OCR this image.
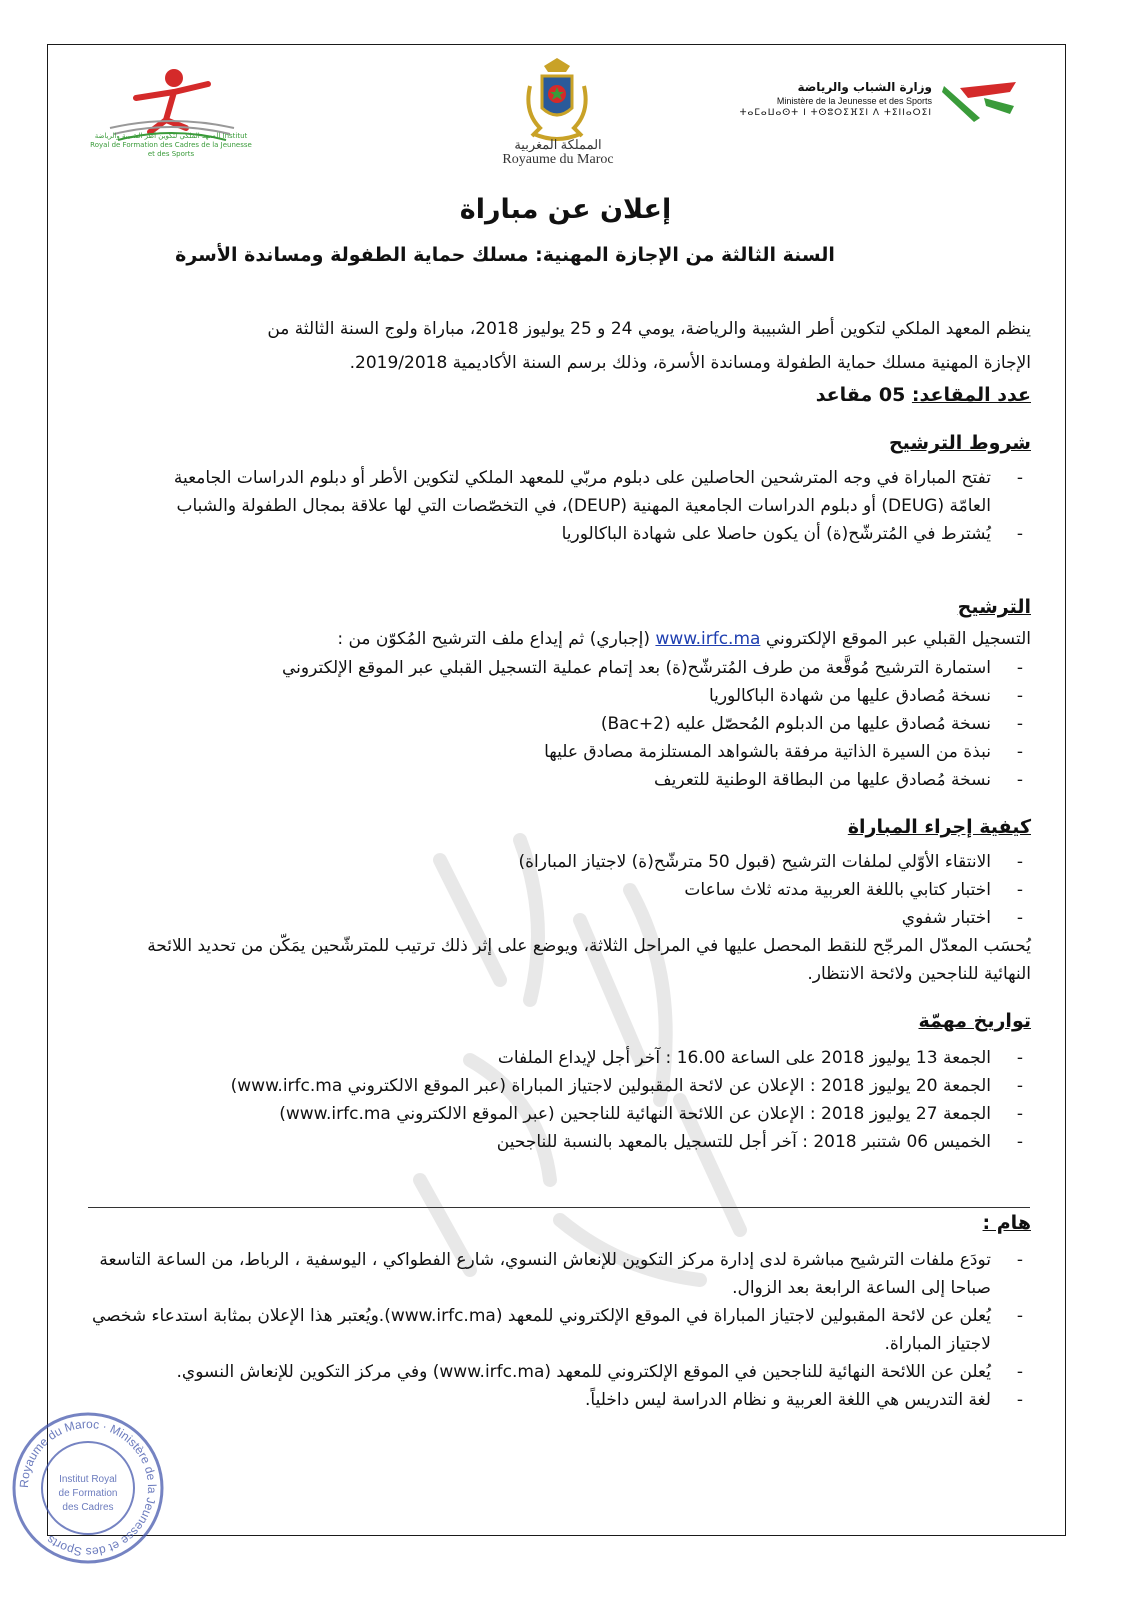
المعهد الملكي لتكوين أطر الشبيبة والرياضة Institut Royal de Formation des Cadres de la Jeunesse et des Sports
المملكة المغربية
Royaume du Maroc
وزارة الشباب والرياضة
Ministère de la Jeunesse et des Sports
ⵜⴰⵎⴰⵡⴰⵙⵜ ⵏ ⵜⵙⵓⵔⵉⴼⵉⵏ ⴷ ⵜⵉⵏⵏⴰⵔⵉⵏ
إعلان عن مباراة
السنة الثالثة من الإجازة المهنية: مسلك حماية الطفولة ومساندة الأسرة
ينظم المعهد الملكي لتكوين أطر الشبيبة والرياضة، يومي 24 و 25 يوليوز 2018، مباراة ولوج السنة الثالثة من
الإجازة المهنية مسلك حماية الطفولة ومساندة الأسرة، وذلك برسم السنة الأكاديمية 2019/2018.
عدد المقاعد: 05 مقاعد
شروط الترشيح
- تفتح المباراة في وجه المترشحين الحاصلين على دبلوم مربّي للمعهد الملكي لتكوين الأطر أو دبلوم الدراسات الجامعية العامّة (DEUG) أو دبلوم الدراسات الجامعية المهنية (DEUP)، في التخصّصات التي لها علاقة بمجال الطفولة والشباب
- يُشترط في المُترشّح(ة) أن يكون حاصلا على شهادة الباكالوريا
الترشيح
التسجيل القبلي عبر الموقع الإلكتروني www.irfc.ma (إجباري) ثم إيداع ملف الترشيح المُكوّن من :
- استمارة الترشيح مُوقَّعة من طرف المُترشّح(ة) بعد إتمام عملية التسجيل القبلي عبر الموقع الإلكتروني
- نسخة مُصادق عليها من شهادة الباكالوريا
- نسخة مُصادق عليها من الدبلوم المُحصّل عليه (Bac+2)
- نبذة من السيرة الذاتية مرفقة بالشواهد المستلزمة مصادق عليها
- نسخة مُصادق عليها من البطاقة الوطنية للتعريف
كيفية إجراء المباراة
- الانتقاء الأوّلي لملفات الترشيح (قبول 50 مترشّح(ة) لاجتياز المباراة)
- اختبار كتابي باللغة العربية مدته ثلاث ساعات
- اختبار شفوي
يُحسَب المعدّل المرجّح للنقط المحصل عليها في المراحل الثلاثة، ويوضع على إثر ذلك ترتيب للمترشّحين يمَكّن من تحديد اللائحة النهائية للناجحين ولائحة الانتظار.
تواريخ مهمّة
- الجمعة 13 يوليوز 2018 على الساعة 16.00 : آخر أجل لإيداع الملفات
- الجمعة 20 يوليوز 2018 : الإعلان عن لائحة المقبولين لاجتياز المباراة (عبر الموقع الالكتروني www.irfc.ma)
- الجمعة 27 يوليوز 2018 : الإعلان عن اللائحة النهائية للناجحين (عبر الموقع الالكتروني www.irfc.ma)
- الخميس 06 شتنبر 2018 : آخر أجل للتسجيل بالمعهد بالنسبة للناجحين
هام :
- تودَع ملفات الترشيح مباشرة لدى إدارة مركز التكوين للإنعاش النسوي، شارع الفطواكي ، اليوسفية ، الرباط، من الساعة التاسعة صباحا إلى الساعة الرابعة بعد الزوال.
- يُعلن عن لائحة المقبولين لاجتياز المباراة في الموقع الإلكتروني للمعهد (www.irfc.ma).ويُعتبر هذا الإعلان بمثابة استدعاء شخصي لاجتياز المباراة.
- يُعلن عن اللائحة النهائية للناجحين في الموقع الإلكتروني للمعهد (www.irfc.ma) وفي مركز التكوين للإنعاش النسوي.
- لغة التدريس هي اللغة العربية و نظام الدراسة ليس داخلياً.
Royaume du Maroc · Ministère de la Jeunesse et des Sports
Institut Royal
de Formation
des Cadres
